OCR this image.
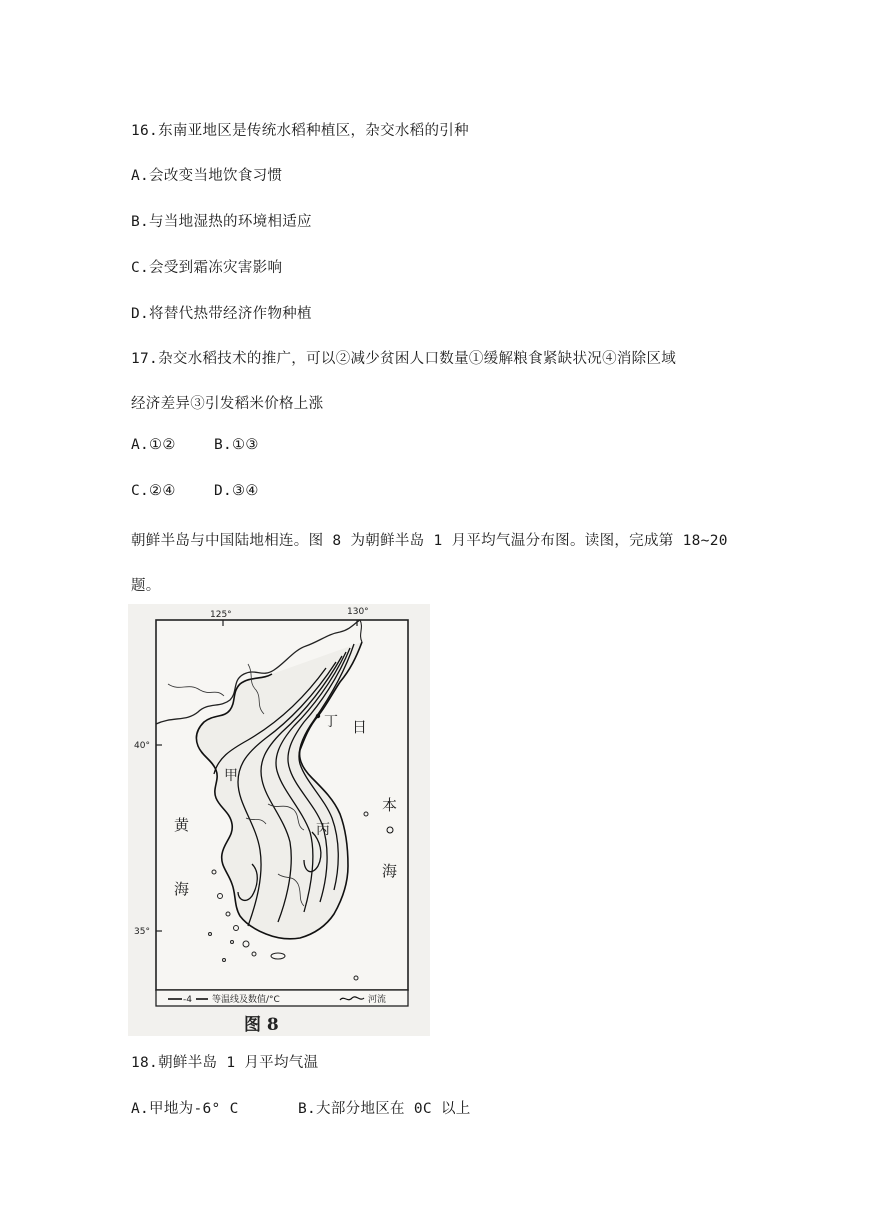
16.东南亚地区是传统水稻种植区，杂交水稻的引种
A.会改变当地饮食习惯
B.与当地湿热的环境相适应
C.会受到霜冻灾害影响
D.将替代热带经济作物种植
17.杂交水稻技术的推广，可以②减少贫困人口数量①缓解粮食紧缺状况④消除区域
经济差异③引发稻米价格上涨
A.①②	B.①③
C.②④	D.③④
朝鲜半岛与中国陆地相连。图 8 为朝鲜半岛 1 月平均气温分布图。读图，完成第 18~20
题。
125°	130°
40°
35°
甲
丙
丁 日
本
海
黄
海
-4 等温线及数值/°C	河流
图 8
18.朝鲜半岛 1 月平均气温
A.甲地为-6° C	B.大部分地区在 0C 以上
